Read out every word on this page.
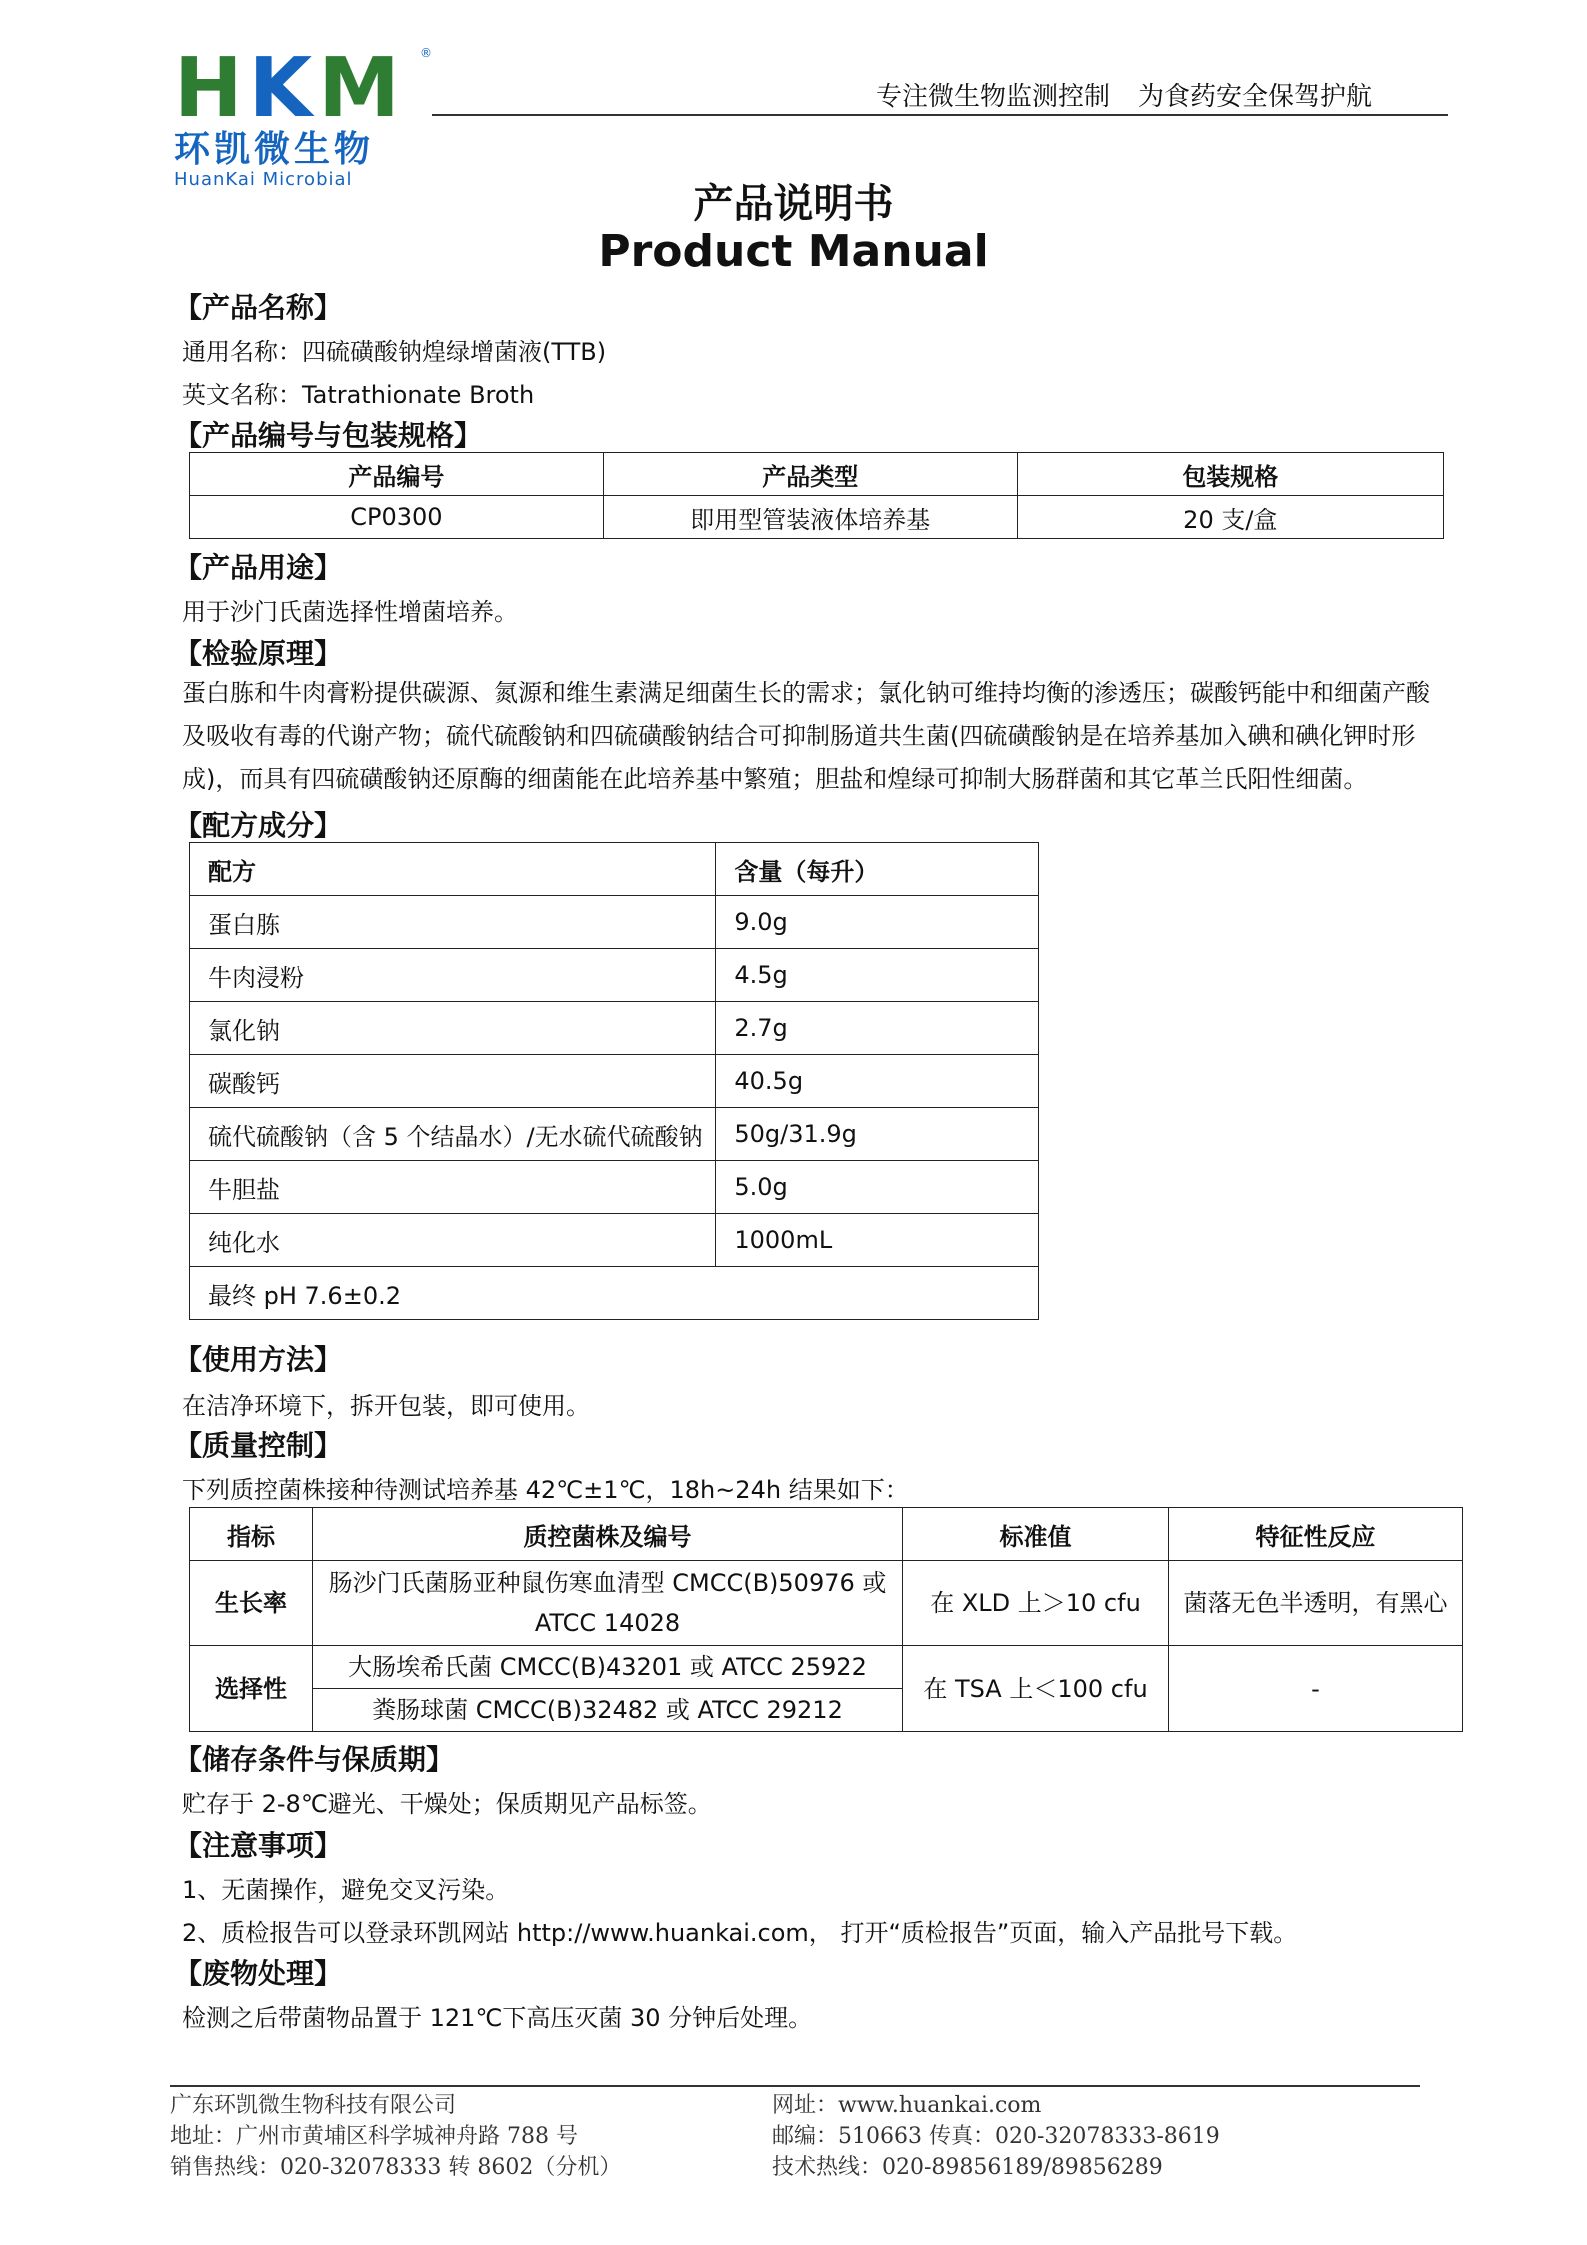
HKM	®
环凯微生物
HuanKai Microbial
专注微生物监测控制 为食药安全保驾护航
产品说明书
Product Manual
【产品名称】
通用名称：四硫磺酸钠煌绿增菌液(TTB)
英文名称：Tatrathionate Broth
【产品编号与包装规格】
产品编号	产品类型	包装规格
CP0300	即用型管装液体培养基	20 支/盒
【产品用途】
用于沙门氏菌选择性增菌培养。
【检验原理】
蛋白胨和牛肉膏粉提供碳源、氮源和维生素满足细菌生长的需求；氯化钠可维持均衡的渗透压；碳酸钙能中和细菌产酸
及吸收有毒的代谢产物；硫代硫酸钠和四硫磺酸钠结合可抑制肠道共生菌(四硫磺酸钠是在培养基加入碘和碘化钾时形
成)，而具有四硫磺酸钠还原酶的细菌能在此培养基中繁殖；胆盐和煌绿可抑制大肠群菌和其它革兰氏阳性细菌。
【配方成分】
配方	含量（每升）
蛋白胨	9.0g
牛肉浸粉	4.5g
氯化钠	2.7g
碳酸钙	40.5g
硫代硫酸钠（含 5 个结晶水）/无水硫代硫酸钠	50g/31.9g
牛胆盐	5.0g
纯化水	1000mL
最终 pH 7.6±0.2	
【使用方法】
在洁净环境下，拆开包装，即可使用。
【质量控制】
下列质控菌株接种待测试培养基 42℃±1℃，18h~24h 结果如下：
指标	质控菌株及编号	标准值	特征性反应
生长率	肠沙门氏菌肠亚种鼠伤寒血清型 CMCC(B)50976 或
ATCC 14028	在 XLD 上＞10 cfu	菌落无色半透明，有黑心
选择性	大肠埃希氏菌 CMCC(B)43201 或 ATCC 25922	在 TSA 上＜100 cfu	-
	粪肠球菌 CMCC(B)32482 或 ATCC 29212		
【储存条件与保质期】
贮存于 2-8℃避光、干燥处；保质期见产品标签。
【注意事项】
1、无菌操作，避免交叉污染。
2、质检报告可以登录环凯网站 http://www.huankai.com， 打开“质检报告”页面，输入产品批号下载。
【废物处理】
检测之后带菌物品置于 121℃下高压灭菌 30 分钟后处理。
广东环凯微生物科技有限公司
地址：广州市黄埔区科学城神舟路 788 号
销售热线：020-32078333 转 8602（分机）
网址：www.huankai.com
邮编：510663 传真：020-32078333-8619
技术热线：020-89856189/89856289
